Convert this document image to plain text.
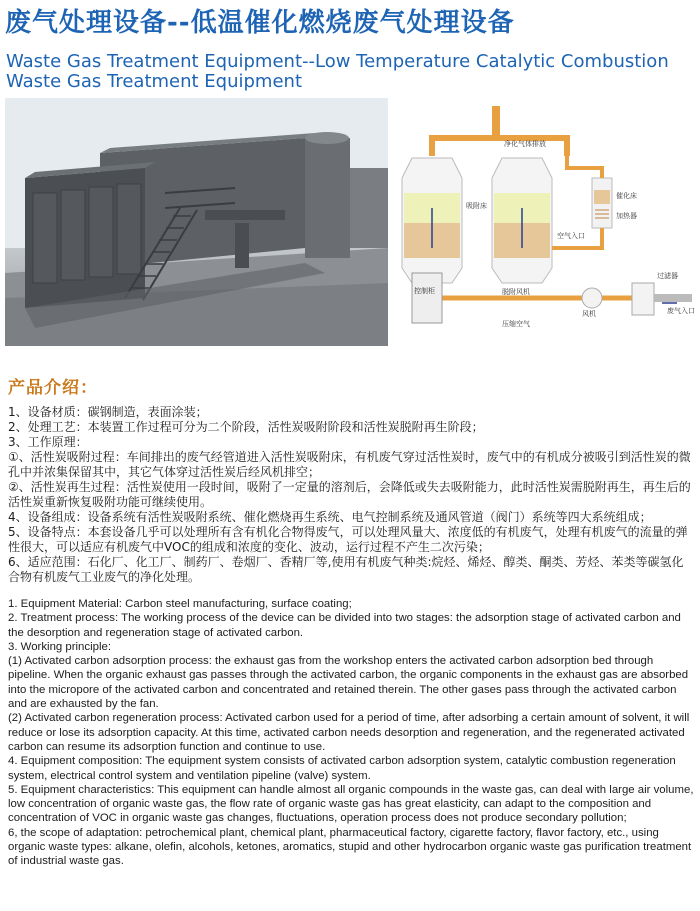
废气处理设备--低温催化燃烧废气处理设备
Waste Gas Treatment Equipment--Low Temperature Catalytic Combustion Waste Gas Treatment Equipment
净化气体排放
吸附床
催化床
加热器
空气入口
脱附风机
控制柜
风机
过滤器
废气入口
压缩空气
产品介绍：
1、设备材质：碳钢制造，表面涂装；
2、处理工艺：本装置工作过程可分为二个阶段，活性炭吸附阶段和活性炭脱附再生阶段；
3、工作原理：
①、活性炭吸附过程：车间排出的废气经管道进入活性炭吸附床，有机废气穿过活性炭时，废气中的有机成分被吸引到活性炭的微孔中并浓集保留其中，其它气体穿过活性炭后经风机排空；
②、活性炭再生过程：活性炭使用一段时间，吸附了一定量的溶剂后，会降低或失去吸附能力，此时活性炭需脱附再生，再生后的活性炭重新恢复吸附功能可继续使用。
4、设备组成：设备系统有活性炭吸附系统、催化燃烧再生系统、电气控制系统及通风管道（阀门）系统等四大系统组成；
5、设备特点：本套设备几乎可以处理所有含有机化合物得废气，可以处理风量大、浓度低的有机废气，处理有机废气的流量的弹性很大，可以适应有机废气中VOC的组成和浓度的变化、波动，运行过程不产生二次污染；
6、适应范围：石化厂、化工厂、制药厂、卷烟厂、香精厂等,使用有机废气种类:烷烃、烯烃、醇类、酮类、芳烃、苯类等碳氢化合物有机废气工业废气的净化处理。
1. Equipment Material: Carbon steel manufacturing, surface coating;
2. Treatment process: The working process of the device can be divided into two stages: the adsorption stage of activated carbon and the desorption and regeneration stage of activated carbon.
3. Working principle:
(1) Activated carbon adsorption process: the exhaust gas from the workshop enters the activated carbon adsorption bed through pipeline. When the organic exhaust gas passes through the activated carbon, the organic components in the exhaust gas are absorbed into the micropore of the activated carbon and concentrated and retained therein. The other gases pass through the activated carbon and are exhausted by the fan.
(2) Activated carbon regeneration process: Activated carbon used for a period of time, after adsorbing a certain amount of solvent, it will reduce or lose its adsorption capacity. At this time, activated carbon needs desorption and regeneration, and the regenerated activated carbon can resume its adsorption function and continue to use.
4. Equipment composition: The equipment system consists of activated carbon adsorption system, catalytic combustion regeneration system, electrical control system and ventilation pipeline (valve) system.
5. Equipment characteristics: This equipment can handle almost all organic compounds in the waste gas, can deal with large air volume, low concentration of organic waste gas, the flow rate of organic waste gas has great elasticity, can adapt to the composition and concentration of VOC in organic waste gas changes, fluctuations, operation process does not produce secondary pollution;
6, the scope of adaptation: petrochemical plant, chemical plant, pharmaceutical factory, cigarette factory, flavor factory, etc., using organic waste types: alkane, olefin, alcohols, ketones, aromatics, stupid and other hydrocarbon organic waste gas purification treatment of industrial waste gas.
